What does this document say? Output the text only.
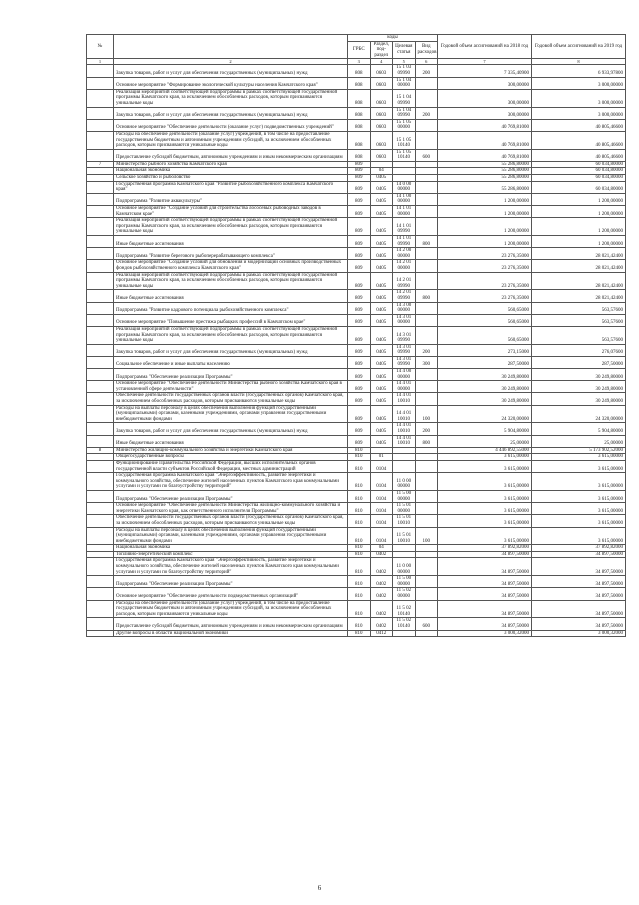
№		коды				Годовой объем ассигнований на 2018 год	Годовой объем ассигнований на 2019 год
		ГРБС	Раздел, под-раздел	Целевая статья	Вид расходов		
1	2	3	4	5	6	7	8
	Закупка товаров, работ и услуг для обеспечения государственных (муниципальных) нужд	808	0603	15 1 03 09990	200	7 335,40900	6 933,97800
	Основное мероприятие "Формирование экологической культуры населения Камчатского края"	808	0603	15 1 04 00000		300,00000	3 000,00000
	Реализация мероприятий соответствующей подпрограммы в рамках соответствующей государственной программы Камчатского края, за исключением обособленных расходов, которым присваиваются уникальные коды	808	0603	15 1 04 09990		300,00000	3 000,00000
	Закупка товаров, работ и услуг для обеспечения государственных (муниципальных) нужд	808	0603	15 1 04 09990	200	300,00000	3 000,00000
	Основное мероприятие "Обеспечение деятельности (оказание услуг) подведомственных учреждений"	808	0603	15 1 05 00000		40 769,81000	40 805,46600
	Расходы на обеспечение деятельности (оказание услуг) учреждений, в том числе на предоставление государственным бюджетным и автономным учреждениям субсидий, за исключением обособленных расходов, которым присваиваются уникальные коды	808	0603	15 1 05 10140		40 769,81000	40 805,46600
	Предоставление субсидий бюджетным, автономным учреждениям и иным некоммерческим организациям	808	0603	15 1 05 10140	600	40 769,81000	40 805,46600
7	Министерство рыбного хозяйства Камчатского края	809				55 286,80000	60 034,80000
	Национальная экономика	809	04			55 286,80000	60 034,80000
	Сельское хозяйство и рыболовство	809	0405			55 286,80000	60 034,80000
	Государственная программа Камчатского края "Развитие рыбохозяйственного комплекса Камчатского края"	809	0405	14 0 00 00000		55 286,80000	60 034,80000
	Подпрограмма "Развитие аквакультуры"	809	0405	14 1 00 00000		1 200,00000	1 200,00000
	Основное мероприятие "Создание условий для строительства лососевых рыбоводных заводов в Камчатском крае"	809	0405	14 1 01 00000		1 200,00000	1 200,00000
	Реализация мероприятий соответствующей подпрограммы в рамках соответствующей государственной программы Камчатского края, за исключением обособленных расходов, которым присваиваются уникальные коды	809	0405	14 1 01 09990		1 200,00000	1 200,00000
	Иные бюджетные ассигнования	809	0405	14 1 01 09990	800	1 200,00000	1 200,00000
	Подпрограмма "Развитие берегового рыбоперерабатывающего комплекса"	809	0405	14 2 00 00000		23 276,35000	28 021,42400
	Основное мероприятие "Создание условий для обновления и модернизации основных производственных фондов рыбохозяйственного комплекса Камчатского края"	809	0405	14 2 01 00000		23 276,35000	28 021,42400
	Реализация мероприятий соответствующей подпрограммы в рамках соответствующей государственной программы Камчатского края, за исключением обособленных расходов, которым присваиваются уникальные коды	809	0405	14 2 01 09990		23 276,35000	28 021,42400
	Иные бюджетные ассигнования	809	0405	14 2 01 09990	800	23 276,35000	28 021,42400
	Подпрограмма "Развитие кадрового потенциала рыбохозяйственного комплекса"	809	0405	14 3 00 00000		560,65000	563,57600
	Основное мероприятие "Повышение престижа рыбацких профессий в Камчатском крае"	809	0405	14 3 01 00000		560,65000	563,57600
	Реализация мероприятий соответствующей подпрограммы в рамках соответствующей государственной программы Камчатского края, за исключением обособленных расходов, которым присваиваются уникальные коды	809	0405	14 3 01 09990		560,65000	563,57600
	Закупка товаров, работ и услуг для обеспечения государственных (муниципальных) нужд	809	0405	14 3 01 09990	200	273,15000	276,07600
	Социальное обеспечение и иные выплаты населению	809	0405	14 3 01 09990	300	287,50000	287,50000
	Подпрограмма "Обеспечение реализации Программы"	809	0405	14 4 00 00000		30 249,80000	30 249,80000
	Основное мероприятие "Обеспечение деятельности Министерства рыбного хозяйства Камчатского края в установленной сфере деятельности"	809	0405	14 4 01 00000		30 249,80000	30 249,80000
	Обеспечение деятельности государственных органов власти (государственных органов) Камчатского края, за исключением обособленных расходов, которым присваиваются уникальные коды	809	0405	14 4 01 10010		30 249,80000	30 249,80000
	Расходы на выплаты персоналу в целях обеспечения выполнения функций государственными (муниципальными) органами, казенными учреждениями, органами управления государственными внебюджетными фондами	809	0405	14 4 01 10010	100	24 320,00000	24 320,00000
	Закупка товаров, работ и услуг для обеспечения государственных (муниципальных) нужд	809	0405	14 4 01 10010	200	5 904,80000	5 904,80000
	Иные бюджетные ассигнования	809	0405	14 4 01 10010	800	25,00000	25,00000
8	Министерство жилищно-коммунального хозяйства и энергетики Камчатского края	810				4 446 892,55000	5 173 902,52000
	Общегосударственные вопросы	810	01			3 615,00000	3 615,00000
	Функционирование Правительства Российской Федерации, высших исполнительных органов государственной власти субъектов Российской Федерации, местных администраций	810	0104			3 615,00000	3 615,00000
	Государственная программа Камчатского края "Энергоэффективность, развитие энергетики и коммунального хозяйства, обеспечение жителей населенных пунктов Камчатского края коммунальными услугами и услугами по благоустройству территорий"	810	0104	11 0 00 00000		3 615,00000	3 615,00000
	Подпрограмма "Обеспечение реализации Программы"	810	0104	11 5 00 00000		3 615,00000	3 615,00000
	Основное мероприятие "Обеспечение деятельности Министерства жилищно-коммунального хозяйства и энергетики Камчатского края, как ответственного исполнителя Программы"	810	0104	11 5 01 00000		3 615,00000	3 615,00000
	Обеспечение деятельности государственных органов власти (государственных органов) Камчатского края, за исключением обособленных расходов, которым присваиваются уникальные коды	810	0104	11 5 01 10010		3 615,00000	3 615,00000
	Расходы на выплаты персоналу в целях обеспечения выполнения функций государственными (муниципальными) органами, казенными учреждениями, органами управления государственными внебюджетными фондами	810	0104	11 5 01 10010	100	3 615,00000	3 615,00000
	Национальная экономика	810	04			37 892,82000	37 892,82000
	Топливно-энергетический комплекс	810	0402			34 897,50000	34 897,50000
	Государственная программа Камчатского края "Энергоэффективность, развитие энергетики и коммунального хозяйства, обеспечение жителей населенных пунктов Камчатского края коммунальными услугами и услугами по благоустройству территорий"	810	0402	11 0 00 00000		34 897,50000	34 897,50000
	Подпрограмма "Обеспечение реализации Программы"	810	0402	11 5 00 00000		34 897,50000	34 897,50000
	Основное мероприятие "Обеспечение деятельности подведомственных организаций"	810	0402	11 5 02 00000		34 897,50000	34 897,50000
	Расходы на обеспечение деятельности (оказание услуг) учреждений, в том числе на предоставление государственным бюджетным и автономным учреждениям субсидий, за исключением обособленных расходов, которым присваиваются уникальные коды	810	0402	11 5 02 10140		34 897,50000	34 897,50000
	Предоставление субсидий бюджетным, автономным учреждениям и иным некоммерческим организациям	810	0402	11 5 02 10140	600	34 897,50000	34 897,50000
	Другие вопросы в области национальной экономики	810	0412			3 000,32000	3 000,32000
6
